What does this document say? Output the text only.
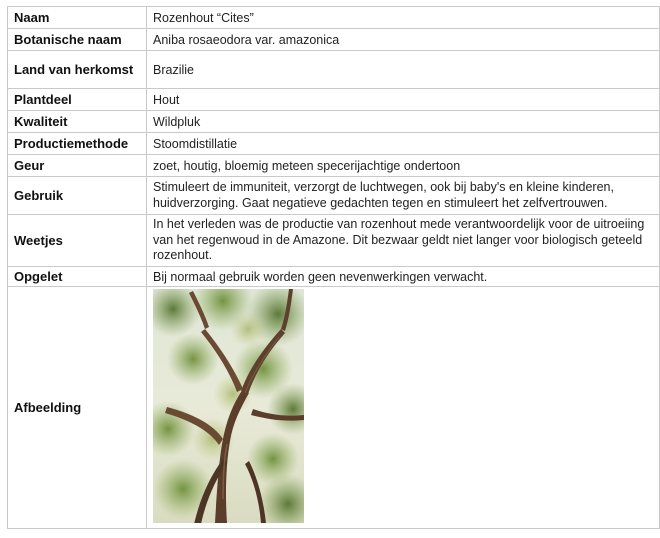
Naam	Rozenhout “Cites”
Botanische naam	Aniba rosaeodora var. amazonica
Land van herkomst	Brazilie
Plantdeel	Hout
Kwaliteit	Wildpluk
Productiemethode	Stoomdistillatie
Geur	zoet, houtig, bloemig meteen specerijachtige ondertoon
Gebruik	Stimuleert de immuniteit, verzorgt de luchtwegen, ook bij baby's en kleine kinderen, huidverzorging. Gaat negatieve gedachten tegen en stimuleert het zelfvertrouwen.
Weetjes	In het verleden was de productie van rozenhout mede verantwoordelijk voor de uitroeiing van het regenwoud in de Amazone. Dit bezwaar geldt niet langer voor biologisch geteeld rozenhout.
Opgelet	Bij normaal gebruik worden geen nevenwerkingen verwacht.
Afbeelding	
